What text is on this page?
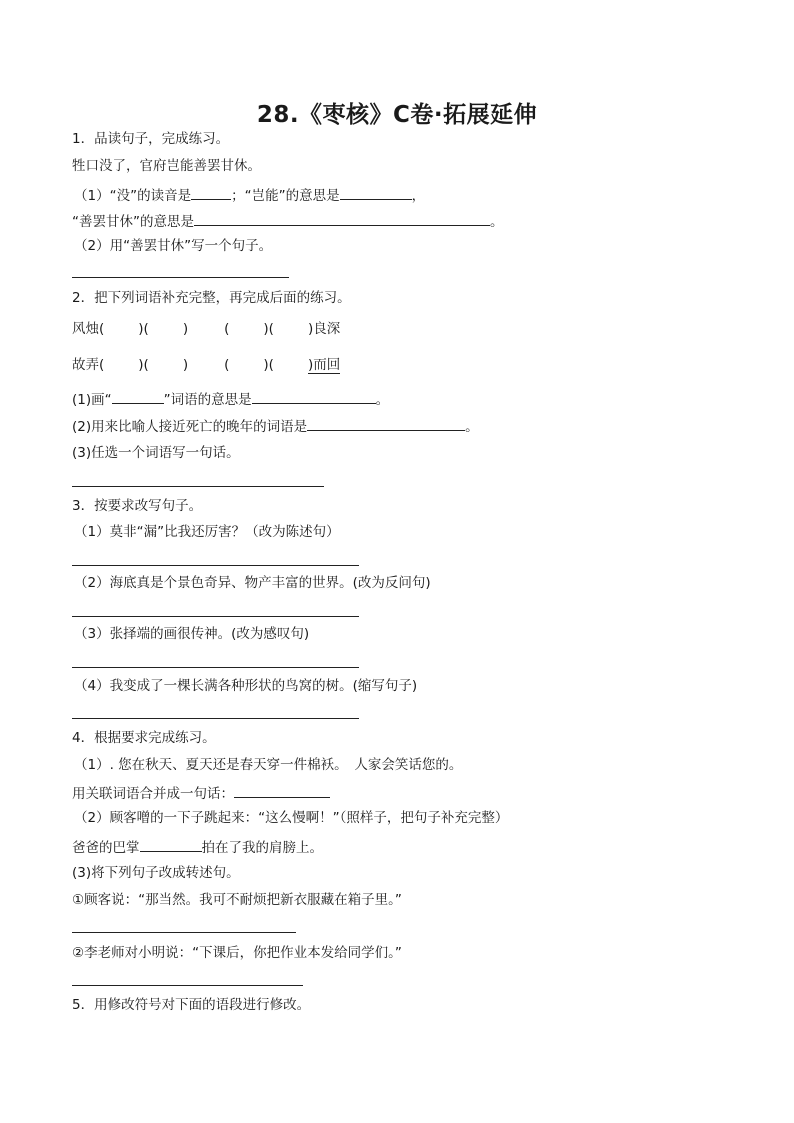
28.《枣核》C卷·拓展延伸
1．品读句子，完成练习。
牲口没了，官府岂能善罢甘休。
（1）“没”的读音是	；“岂能”的意思是	，
“善罢甘休”的意思是	。
（2）用“善罢甘休”写一个句子。
2．把下列词语补充完整，再完成后面的练习。
风烛(	)(	)	(	)(	)良深
故弄(	)(	)	(	)(	)而回
(1)画“	”词语的意思是	。
(2)用来比喻人接近死亡的晚年的词语是	。
(3)任选一个词语写一句话。
3．按要求改写句子。
（1）莫非“漏”比我还厉害？（改为陈述句）
（2）海底真是个景色奇异、物产丰富的世界。(改为反问句)
（3）张择端的画很传神。(改为感叹句)
（4）我变成了一棵长满各种形状的鸟窝的树。(缩写句子)
4．根据要求完成练习。
（1）. 您在秋天、夏天还是春天穿一件棉袄。　人家会笑话您的。
用关联词语合并成一句话：
（2）顾客噌的一下子跳起来：“这么慢啊！”（照样子，把句子补充完整）
爸爸的巴掌	拍在了我的肩膀上。
(3)将下列句子改成转述句。
①顾客说：“那当然。我可不耐烦把新衣服藏在箱子里。”
②李老师对小明说：“下课后，你把作业本发给同学们。”
5．用修改符号对下面的语段进行修改。
